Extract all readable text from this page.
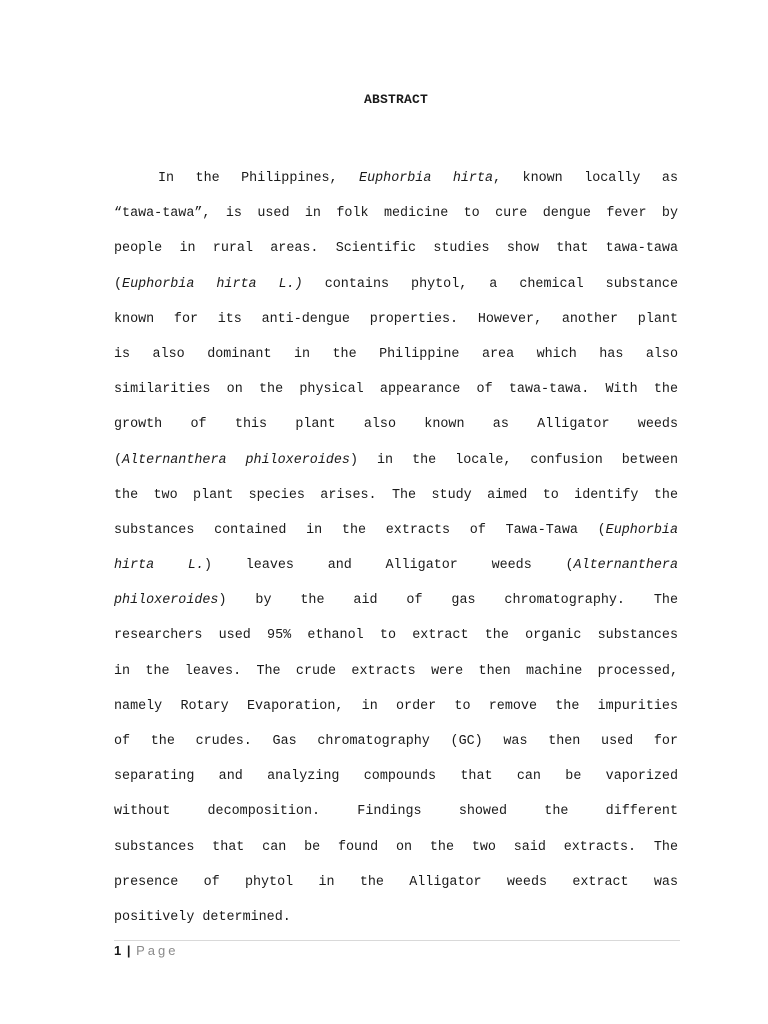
ABSTRACT
In the Philippines, Euphorbia hirta, known locally as
“tawa-tawa”, is used in folk medicine to cure dengue fever by
people in rural areas. Scientific studies show that tawa-tawa
(Euphorbia hirta L.) contains phytol, a chemical substance
known for its anti-dengue properties. However, another plant
is also dominant in the Philippine area which has also
similarities on the physical appearance of tawa-tawa. With the
growth of this plant also known as Alligator weeds
(Alternanthera philoxeroides) in the locale, confusion between
the two plant species arises. The study aimed to identify the
substances contained in the extracts of Tawa-Tawa (Euphorbia
hirta L.) leaves and Alligator weeds (Alternanthera
philoxeroides) by the aid of gas chromatography. The
researchers used 95% ethanol to extract the organic substances
in the leaves. The crude extracts were then machine processed,
namely Rotary Evaporation, in order to remove the impurities
of the crudes. Gas chromatography (GC) was then used for
separating and analyzing compounds that can be vaporized
without decomposition. Findings showed the different
substances that can be found on the two said extracts. The
presence of phytol in the Alligator weeds extract was
positively determined.
1 | Page
